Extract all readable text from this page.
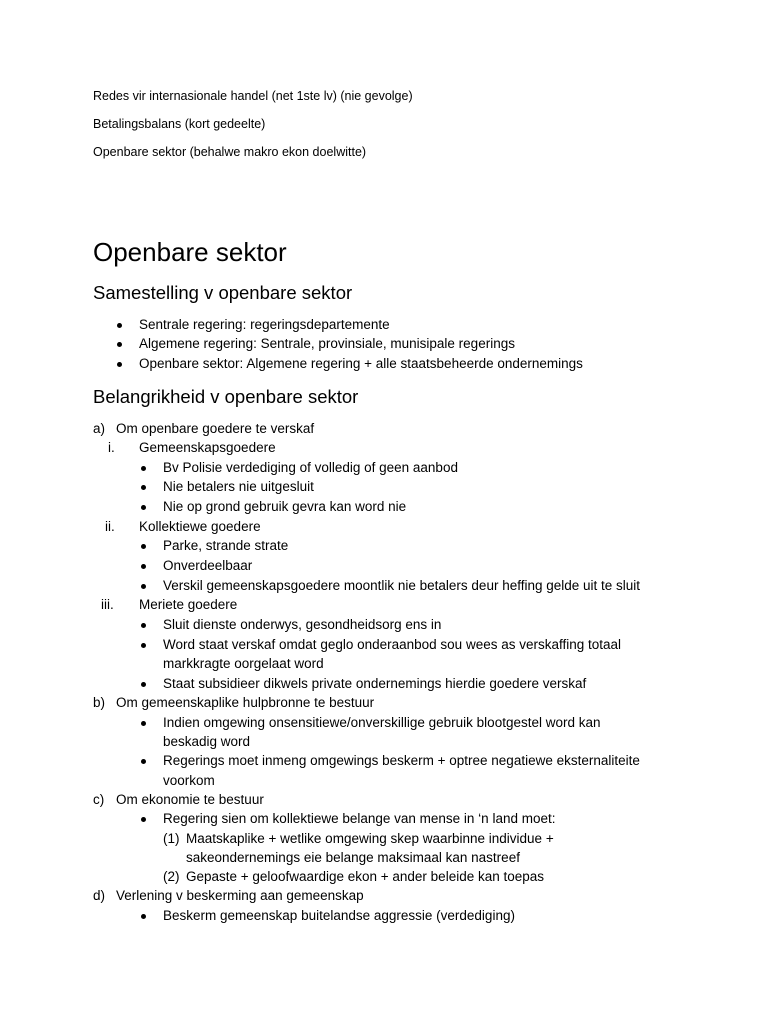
Redes vir internasionale handel (net 1ste lv) (nie gevolge)
Betalingsbalans (kort gedeelte)
Openbare sektor (behalwe makro ekon doelwitte)
Openbare sektor
Samestelling v openbare sektor
Sentrale regering: regeringsdepartemente
Algemene regering: Sentrale, provinsiale, munisipale regerings
Openbare sektor: Algemene regering + alle staatsbeheerde ondernemings
Belangrikheid v openbare sektor
a) Om openbare goedere te verskaf
i. Gemeenskapsgoedere
Bv Polisie verdediging of volledig of geen aanbod
Nie betalers nie uitgesluit
Nie op grond gebruik gevra kan word nie
ii. Kollektiewe goedere
Parke, strande strate
Onverdeelbaar
Verskil gemeenskapsgoedere moontlik nie betalers deur heffing gelde uit te sluit
iii. Meriete goedere
Sluit dienste onderwys, gesondheidsorg ens in
Word staat verskaf omdat geglo onderaanbod sou wees as verskaffing totaal
markkragte oorgelaat word
Staat subsidieer dikwels private ondernemings hierdie goedere verskaf
b) Om gemeenskaplike hulpbronne te bestuur
Indien omgewing onsensitiewe/onverskillige gebruik blootgestel word kan
beskadig word
Regerings moet inmeng omgewings beskerm + optree negatiewe eksternaliteite
voorkom
c) Om ekonomie te bestuur
Regering sien om kollektiewe belange van mense in ‘n land moet:
(1) Maatskaplike + wetlike omgewing skep waarbinne individue +
sakeondernemings eie belange maksimaal kan nastreef
(2) Gepaste + geloofwaardige ekon + ander beleide kan toepas
d) Verlening v beskerming aan gemeenskap
Beskerm gemeenskap buitelandse aggressie (verdediging)
